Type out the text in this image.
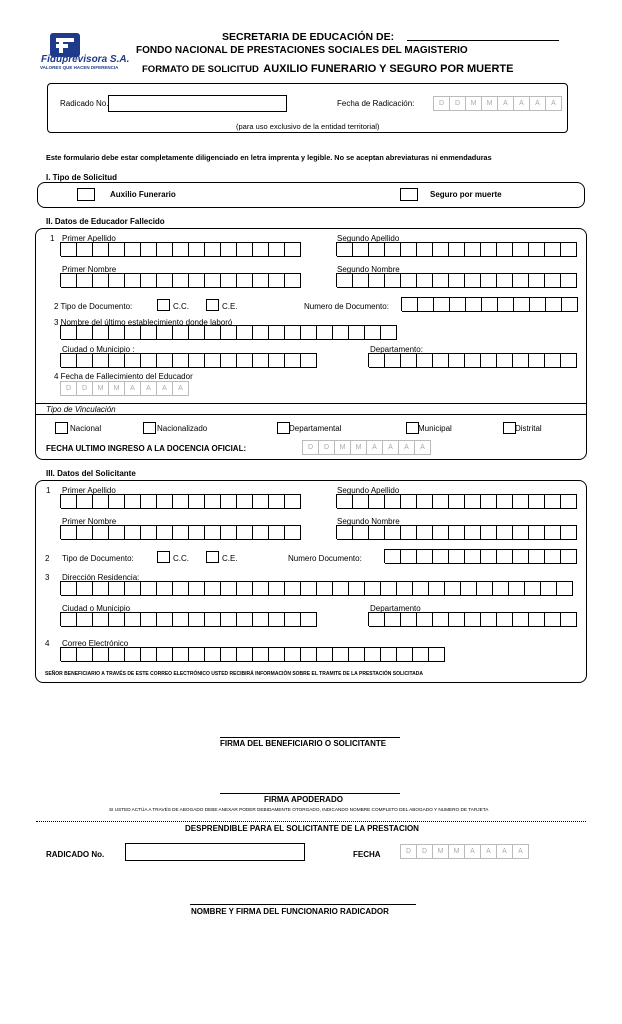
Fiduprevisora S.A.
VALORES QUE HACEN DIFERENCIA
SECRETARIA DE EDUCACIÓN DE:
FONDO NACIONAL DE PRESTACIONES SOCIALES DEL MAGISTERIO
FORMATO DE SOLICITUD AUXILIO FUNERARIO Y SEGURO POR MUERTE
Radicado No.	Fecha de Radicación:	D	D	M	M	A	A	A	A
(para uso exclusivo de la entidad territorial)
Este formulario debe estar completamente diligenciado en letra imprenta y legible. No se aceptan abreviaturas ni enmendaduras
I. Tipo de Solicitud
Auxilio Funerario	Seguro por muerte
II. Datos de Educador Fallecido
1 Primer Apellido	Segundo Apellido
Primer Nombre	Segundo Nombre
2 Tipo de Documento:	C.C.	C.E.	Numero de Documento:
3 Nombre del último establecimiento donde laboró
Ciudad o Municipio :	Departamento:
4 Fecha de Fallecimiento del Educador
D	D	M	M	A	A	A	A
Tipo de Vinculación
Nacional	Nacionalizado	Departamental	Municipal	Distrital
FECHA ULTIMO INGRESO A LA DOCENCIA OFICIAL:	D	D	M	M	A	A	A	A
III. Datos del Solicitante
1 Primer Apellido	Segundo Apellido
Primer Nombre	Segundo Nombre
2 Tipo de Documento:	C.C.	C.E.	Numero Documento:
3 Dirección Residencia:
Ciudad o Municipio	Departamento
4 Correo Electrónico
SEÑOR BENEFICIARIO A TRAVÉS DE ESTE CORREO ELECTRÓNICO USTED RECIBIRÁ INFORMACIÓN SOBRE EL TRAMITE DE LA PRESTACIÓN SOLICITADA
FIRMA DEL BENEFICIARIO O SOLICITANTE
FIRMA APODERADO
SI USTED ACTÚA A TRAVÉS DE ABOGADO DEBE ANEXAR PODER DEBIDAMENTE OTORGADO, INDICANDO NOMBRE COMPLETO DEL ABOGADO Y NUMERO DE TARJETA
DESPRENDIBLE PARA EL SOLICITANTE DE LA PRESTACION
RADICADO No.	FECHA	D	D	M	M	A	A	A	A
NOMBRE Y FIRMA DEL FUNCIONARIO RADICADOR
